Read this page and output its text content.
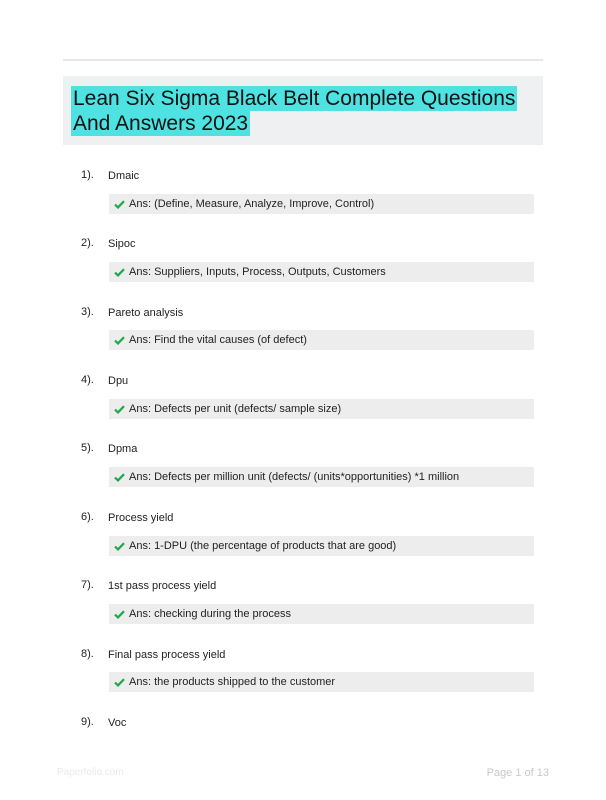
Lean Six Sigma Black Belt Complete Questions And Answers 2023
1).	Dmaic
Ans: (Define, Measure, Analyze, Improve, Control)
2).	Sipoc
Ans: Suppliers, Inputs, Process, Outputs, Customers
3).	Pareto analysis
Ans: Find the vital causes (of defect)
4).	Dpu
Ans: Defects per unit (defects/ sample size)
5).	Dpma
Ans: Defects per million unit (defects/ (units*opportunities) *1 million
6).	Process yield
Ans: 1-DPU (the percentage of products that are good)
7).	1st pass process yield
Ans: checking during the process
8).	Final pass process yield
Ans: the products shipped to the customer
9).	Voc
Paperfolio.com	Page 1 of 13
